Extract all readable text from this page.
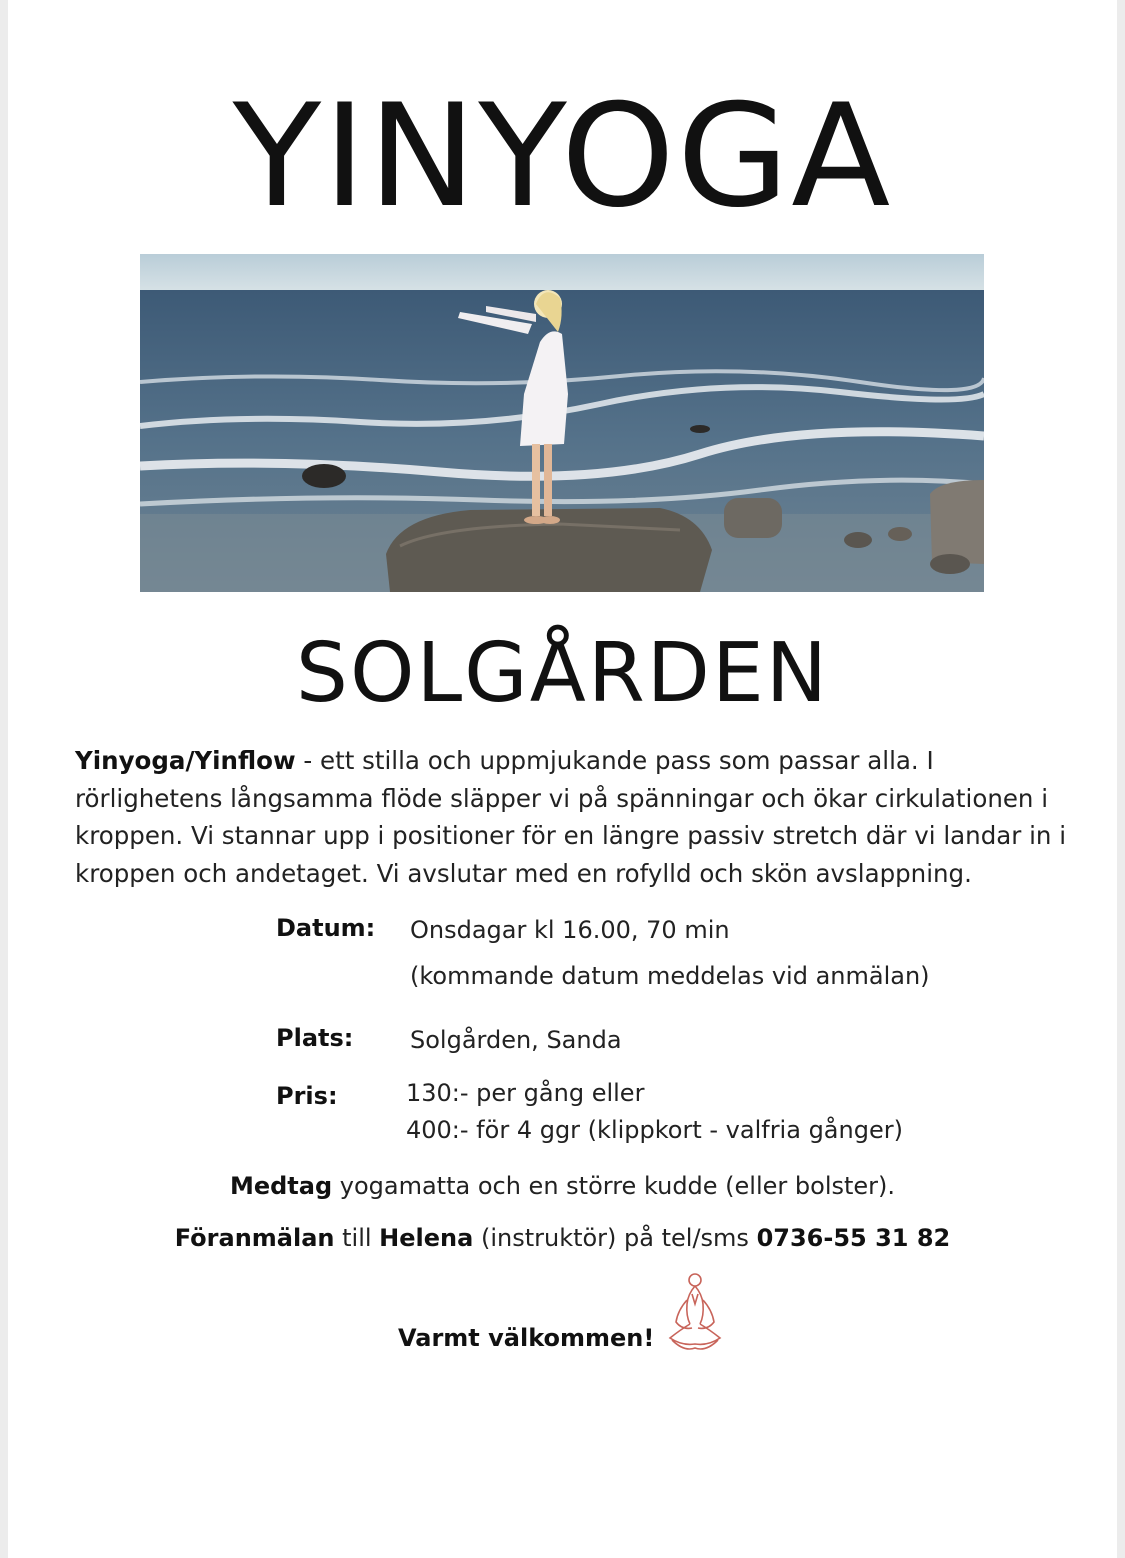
YINYOGA
SOLGÅRDEN
Yinyoga/Yinflow - ett stilla och uppmjukande pass som passar alla. I rörlighetens långsamma flöde släpper vi på spänningar och ökar cirkulationen i kroppen. Vi stannar upp i positioner för en längre passiv stretch där vi landar in i kroppen och andetaget. Vi avslutar med en rofylld och skön avslappning.
Datum: Onsdagar kl 16.00, 70 min
(kommande datum meddelas vid anmälan)
Plats: Solgården, Sanda
Pris:	130:- per gång eller
400:- för 4 ggr (klippkort - valfria gånger)
Medtag yogamatta och en större kudde (eller bolster).
Föranmälan till Helena (instruktör) på tel/sms 0736-55 31 82
Varmt välkommen!
